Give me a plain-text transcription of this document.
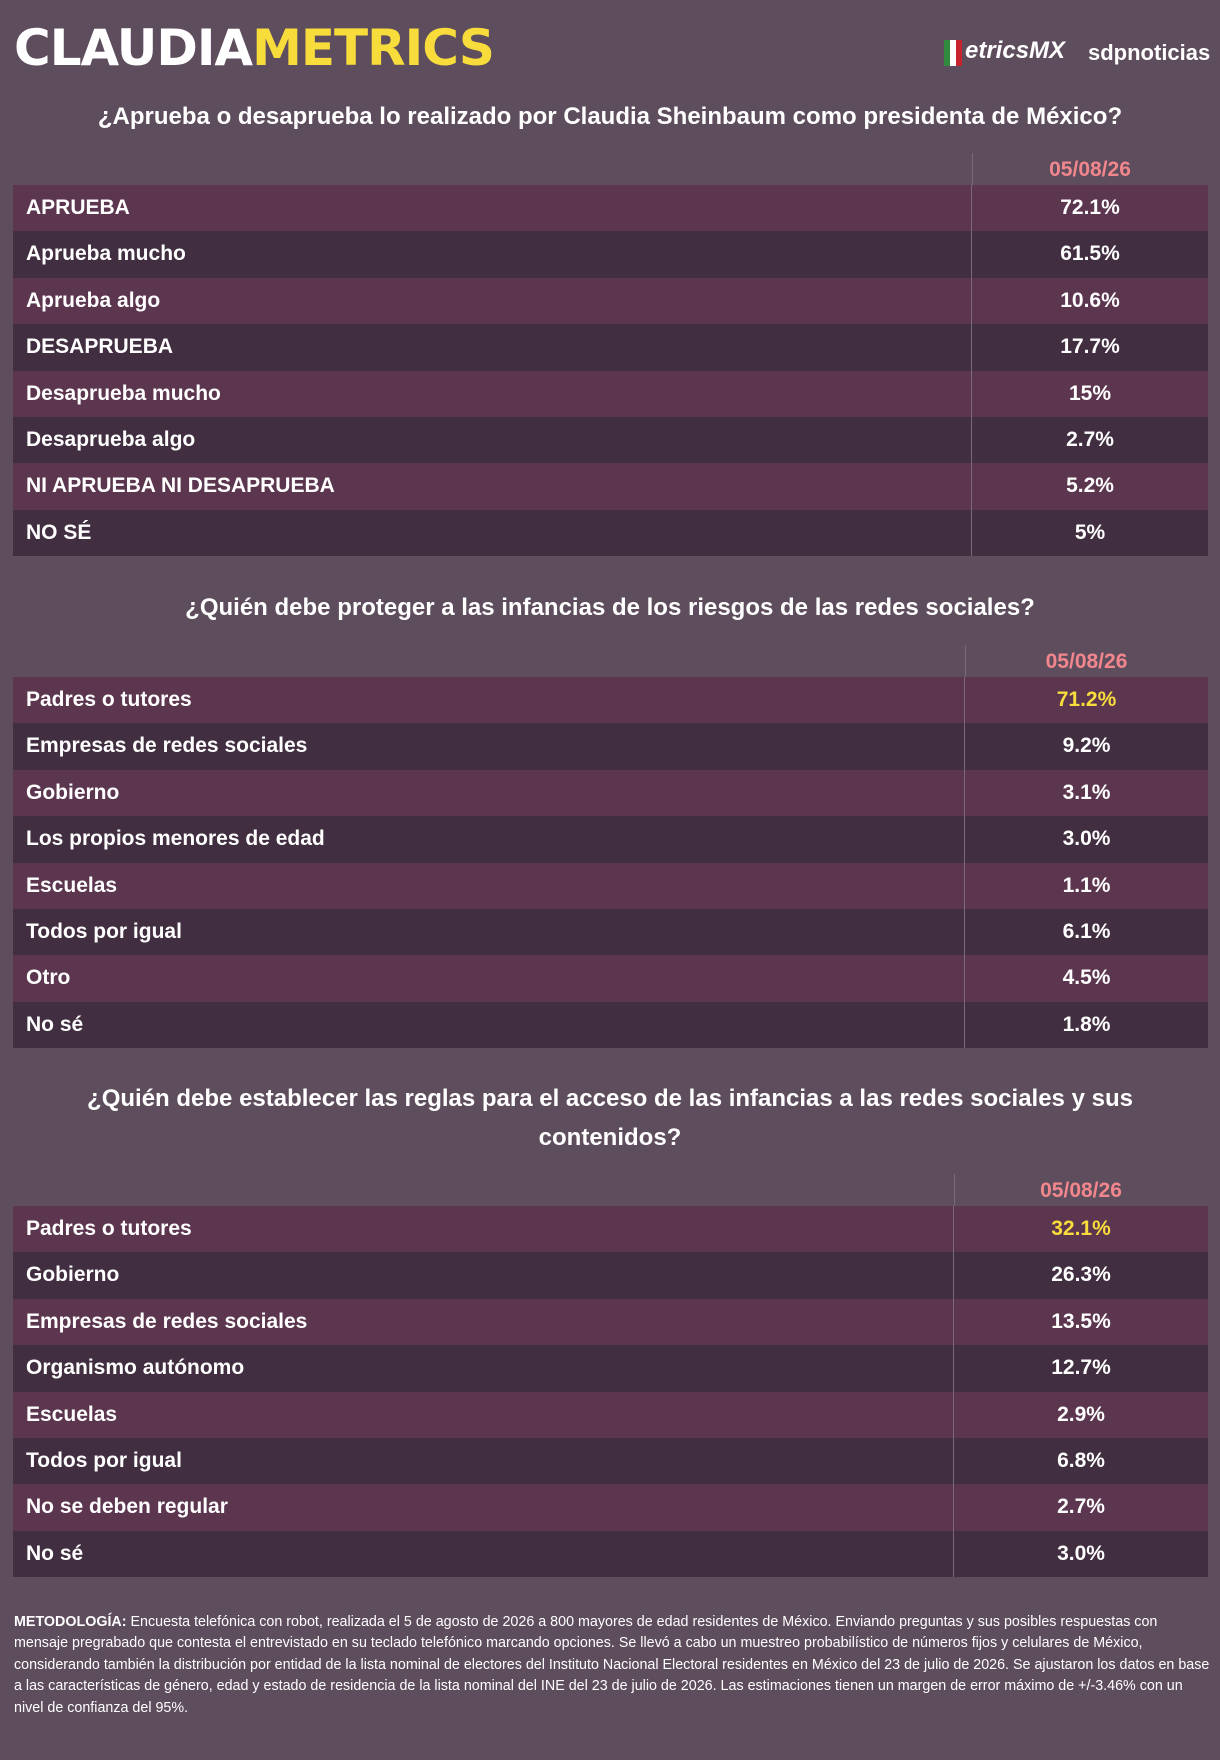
CLAUDIAMETRICS	etricsMX sdpnoticias
¿Aprueba o desaprueba lo realizado por Claudia Sheinbaum como presidenta de México?
05/08/26
APRUEBA	72.1%
Aprueba mucho	61.5%
Aprueba algo	10.6%
DESAPRUEBA	17.7%
Desaprueba mucho	15%
Desaprueba algo	2.7%
NI APRUEBA NI DESAPRUEBA	5.2%
NO SÉ	5%
¿Quién debe proteger a las infancias de los riesgos de las redes sociales?
05/08/26
Padres o tutores	71.2%
Empresas de redes sociales	9.2%
Gobierno	3.1%
Los propios menores de edad	3.0%
Escuelas	1.1%
Todos por igual	6.1%
Otro	4.5%
No sé	1.8%
¿Quién debe establecer las reglas para el acceso de las infancias a las redes sociales y sus
contenidos?
05/08/26
Padres o tutores	32.1%
Gobierno	26.3%
Empresas de redes sociales	13.5%
Organismo autónomo	12.7%
Escuelas	2.9%
Todos por igual	6.8%
No se deben regular	2.7%
No sé	3.0%
METODOLOGÍA: Encuesta telefónica con robot, realizada el 5 de agosto de 2026 a 800 mayores de edad residentes de México. Enviando preguntas y sus posibles respuestas con mensaje pregrabado que contesta el entrevistado en su teclado telefónico marcando opciones. Se llevó a cabo un muestreo probabilístico de números fijos y celulares de México, considerando también la distribución por entidad de la lista nominal de electores del Instituto Nacional Electoral residentes en México del 23 de julio de 2026. Se ajustaron los datos en base a las características de género, edad y estado de residencia de la lista nominal del INE del 23 de julio de 2026. Las estimaciones tienen un margen de error máximo de +/-3.46% con un nivel de confianza del 95%.
